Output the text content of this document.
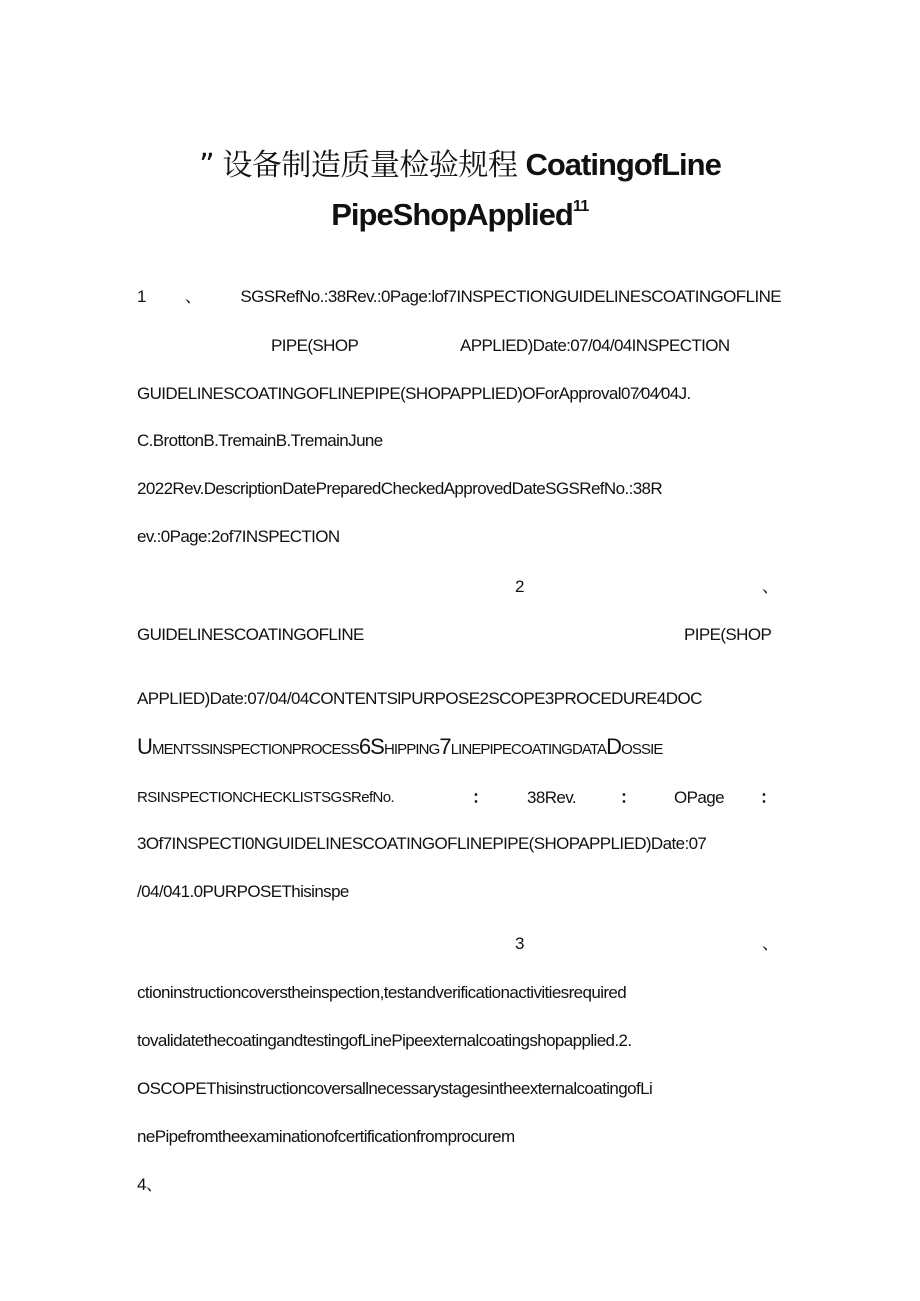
” 设备制造质量检验规程 CoatingofLine
PipeShopApplied$^{11}$
1、SGSRefNo.:38Rev.:0Page:lof7INSPECTIONGUIDELINESCOATINGOFLINE
PIPE(SHOP	APPLIED)Date:07/04/04INSPECTION
GUIDELINESCOATINGOFLINEPIPE(SHOPAPPLIED)OForApproval07⁄04⁄04J.
C.BrottonB.TremainB.TremainJune
2022Rev.DescriptionDatePreparedCheckedApprovedDateSGSRefNo.:38R
ev.:0Page:2of7INSPECTION
2	、
GUIDELINESCOATINGOFLINE	PIPE(SHOP
APPLIED)Date:07/04/04CONTENTSlPURPOSE2SCOPE3PROCEDURE4DOC
UMENTSSINSPECTIONPROCESS6SHIPPING7LINEPIPECOATINGDATADOSSIE
RSINSPECTIONCHECKLISTSGSRefNo.	： 38Rev.	： OPage ：
3Of7INSPECTI0NGUIDELINESCOATINGOFLINEPIPE(SHOPAPPLIED)Date:07
/04/041.0PURPOSEThisinspe
3	、
ctioninstructioncoverstheinspection,testandverificationactivitiesrequired
tovalidatethecoatingandtestingofLinePipeexternalcoatingshopapplied.2.
OSCOPEThisinstructioncoversallnecessarystagesintheexternalcoatingofLi
nePipefromtheexaminationofcertificationfromprocurem
4、
